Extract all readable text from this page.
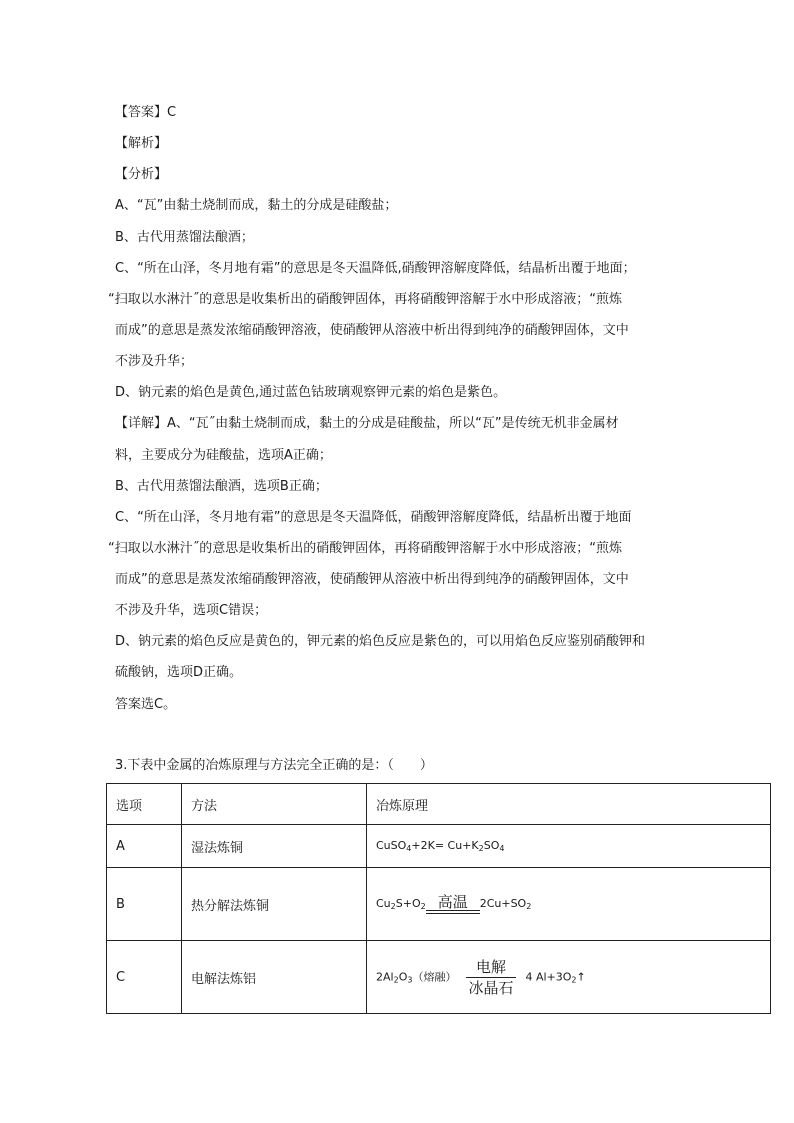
【答案】C
【解析】
【分析】
A、“瓦”由黏土烧制而成，黏土的分成是硅酸盐；
B、古代用蒸馏法酿酒；
C、“所在山泽，冬月地有霜”的意思是冬天温降低,硝酸钾溶解度降低，结晶析出覆于地面；
“扫取以水淋汁˝的意思是收集析出的硝酸钾固体，再将硝酸钾溶解于水中形成溶液；“煎炼
而成”的意思是蒸发浓缩硝酸钾溶液，使硝酸钾从溶液中析出得到纯净的硝酸钾固体，文中
不涉及升华；
D、钠元素的焰色是黄色,通过蓝色钴玻璃观察钾元素的焰色是紫色。
【详解】A、“瓦˝由黏土烧制而成，黏土的分成是硅酸盐，所以“瓦”是传统无机非金属材
料，主要成分为硅酸盐，选项A正确；
B、古代用蒸馏法酿酒，选项B正确；
C、“所在山泽，冬月地有霜”的意思是冬天温降低，硝酸钾溶解度降低，结晶析出覆于地面
“扫取以水淋汁˝的意思是收集析出的硝酸钾固体，再将硝酸钾溶解于水中形成溶液；“煎炼
而成”的意思是蒸发浓缩硝酸钾溶液，使硝酸钾从溶液中析出得到纯净的硝酸钾固体，文中
不涉及升华，选项C错误；
D、钠元素的焰色反应是黄色的，钾元素的焰色反应是紫色的，可以用焰色反应鉴别硝酸钾和
硫酸钠，选项D正确。
答案选C。
3.下表中金属的冶炼原理与方法完全正确的是：（　　）
选项	方法	冶炼原理
A	湿法炼铜	CuSO$_4$+2K= $Cu+K_2SO_4$
B	热分解法炼铜	$Cu_2S+O_2$ 高温 $2Cu+SO_2$
C	电解法炼铝	$2Al_2O_3$（熔融）
电解
冰晶石
4 $Al+3O_2↑$
